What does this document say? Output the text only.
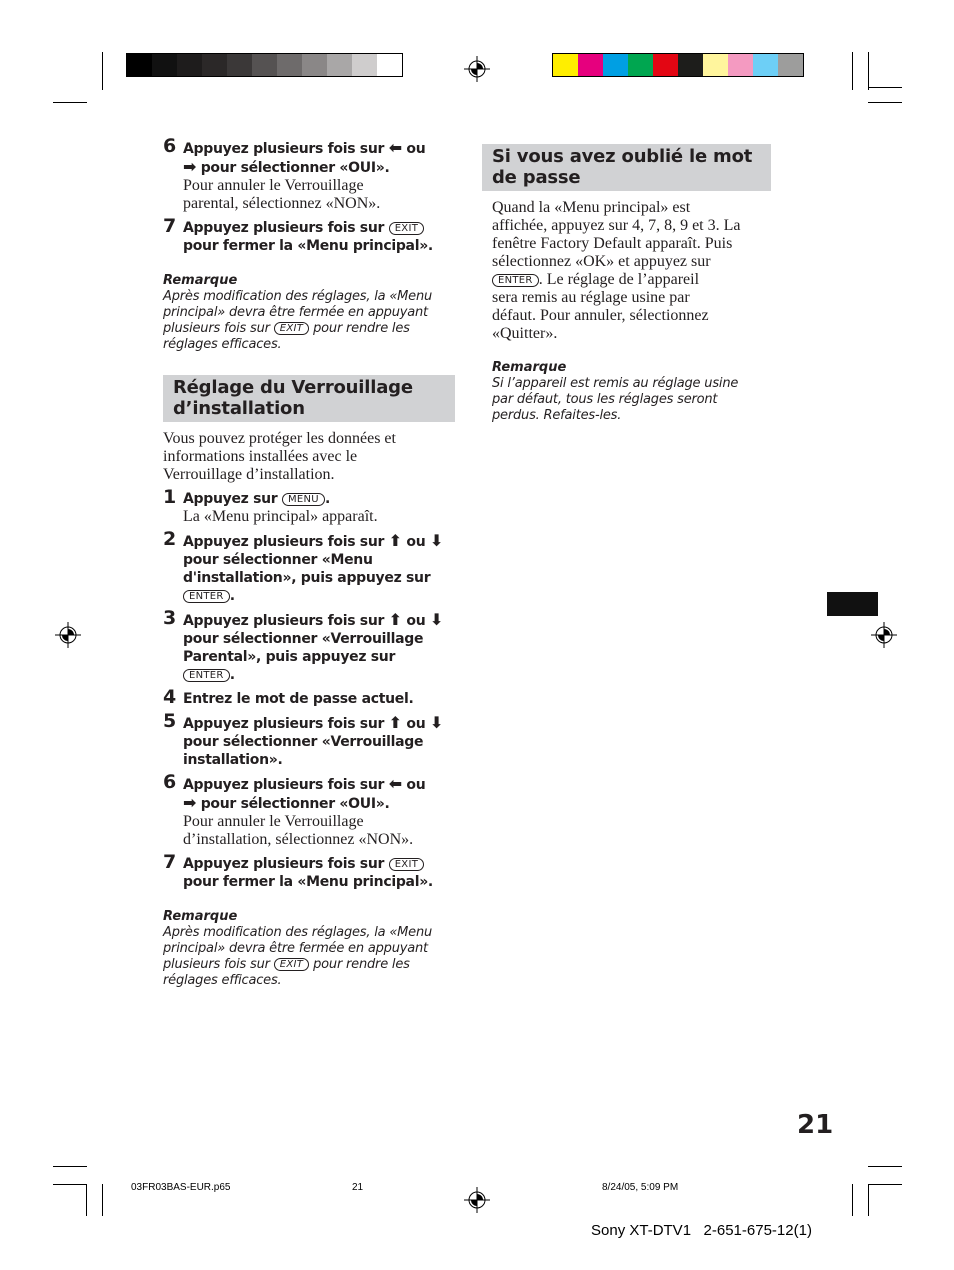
6 Appuyez plusieurs fois sur ⬅ ou
➡ pour sélectionner «OUI».
Pour annuler le Verrouillage
parental, sélectionnez «NON».
7 Appuyez plusieurs fois sur EXIT
pour fermer la «Menu principal».
Remarque
Après modification des réglages, la «Menu
principal» devra être fermée en appuyant
plusieurs fois sur EXIT pour rendre les
réglages efficaces.
Réglage du Verrouillage
d’installation
Vous pouvez protéger les données et
informations installées avec le
Verrouillage d’installation.
1 Appuyez sur MENU .
La «Menu principal» apparaît.
2 Appuyez plusieurs fois sur ⬆ ou ⬇
pour sélectionner «Menu
d'installation», puis appuyez sur
ENTER .
3 Appuyez plusieurs fois sur ⬆ ou ⬇
pour sélectionner «Verrouillage
Parental», puis appuyez sur
ENTER .
4 Entrez le mot de passe actuel.
5 Appuyez plusieurs fois sur ⬆ ou ⬇
pour sélectionner «Verrouillage
installation».
6 Appuyez plusieurs fois sur ⬅ ou
➡ pour sélectionner «OUI».
Pour annuler le Verrouillage
d’installation, sélectionnez «NON».
7 Appuyez plusieurs fois sur EXIT
pour fermer la «Menu principal».
Remarque
Après modification des réglages, la «Menu
principal» devra être fermée en appuyant
plusieurs fois sur EXIT pour rendre les
réglages efficaces.
Si vous avez oublié le mot
de passe
Quand la «Menu principal» est
affichée, appuyez sur 4, 7, 8, 9 et 3. La
fenêtre Factory Default apparaît. Puis
sélectionnez «OK» et appuyez sur
ENTER . Le réglage de l’appareil
sera remis au réglage usine par
défaut. Pour annuler, sélectionnez
«Quitter».
Remarque
Si l’appareil est remis au réglage usine
par défaut, tous les réglages seront
perdus. Refaites-les.
21
03FR03BAS-EUR.p65	21	8/24/05, 5:09 PM
Sony XT-DTV1   2-651-675-12(1)
